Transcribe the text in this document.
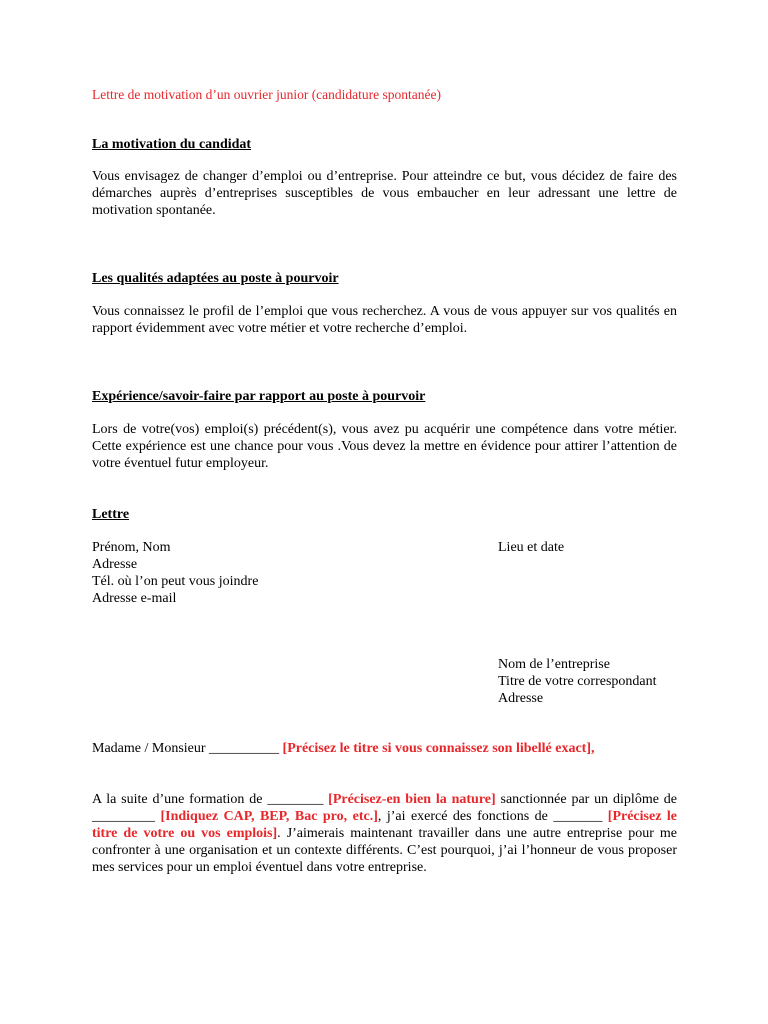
Lettre de motivation d’un ouvrier junior (candidature spontanée)
La motivation du candidat
Vous envisagez de changer d’emploi ou d’entreprise. Pour atteindre ce but, vous décidez de faire des démarches auprès d’entreprises susceptibles de vous embaucher en leur adressant une lettre de motivation spontanée.
Les qualités adaptées au poste à pourvoir
Vous connaissez le profil de l’emploi que vous recherchez. A vous de vous appuyer sur vos qualités en rapport évidemment avec votre métier et votre recherche d’emploi.
Expérience/savoir-faire par rapport au poste à pourvoir
Lors de votre(vos) emploi(s) précédent(s), vous avez pu acquérir une compétence dans votre métier. Cette expérience est une chance pour vous .Vous devez la mettre en évidence pour attirer l’attention de votre éventuel futur employeur.
Lettre
Prénom, Nom
Adresse
Tél. où l’on peut vous joindre
Adresse e-mail
Lieu et date
Nom de l’entreprise
Titre de votre correspondant
Adresse
Madame / Monsieur __________ [Précisez le titre si vous connaissez son libellé exact],
A la suite d’une formation de ________ [Précisez-en bien la nature] sanctionnée par un diplôme de _________ [Indiquez CAP, BEP, Bac pro, etc.], j’ai exercé des fonctions de _______ [Précisez le titre de votre ou vos emplois]. J’aimerais maintenant travailler dans une autre entreprise pour me confronter à une organisation et un contexte différents. C’est pourquoi, j’ai l’honneur de vous proposer mes services pour un emploi éventuel dans votre entreprise.
